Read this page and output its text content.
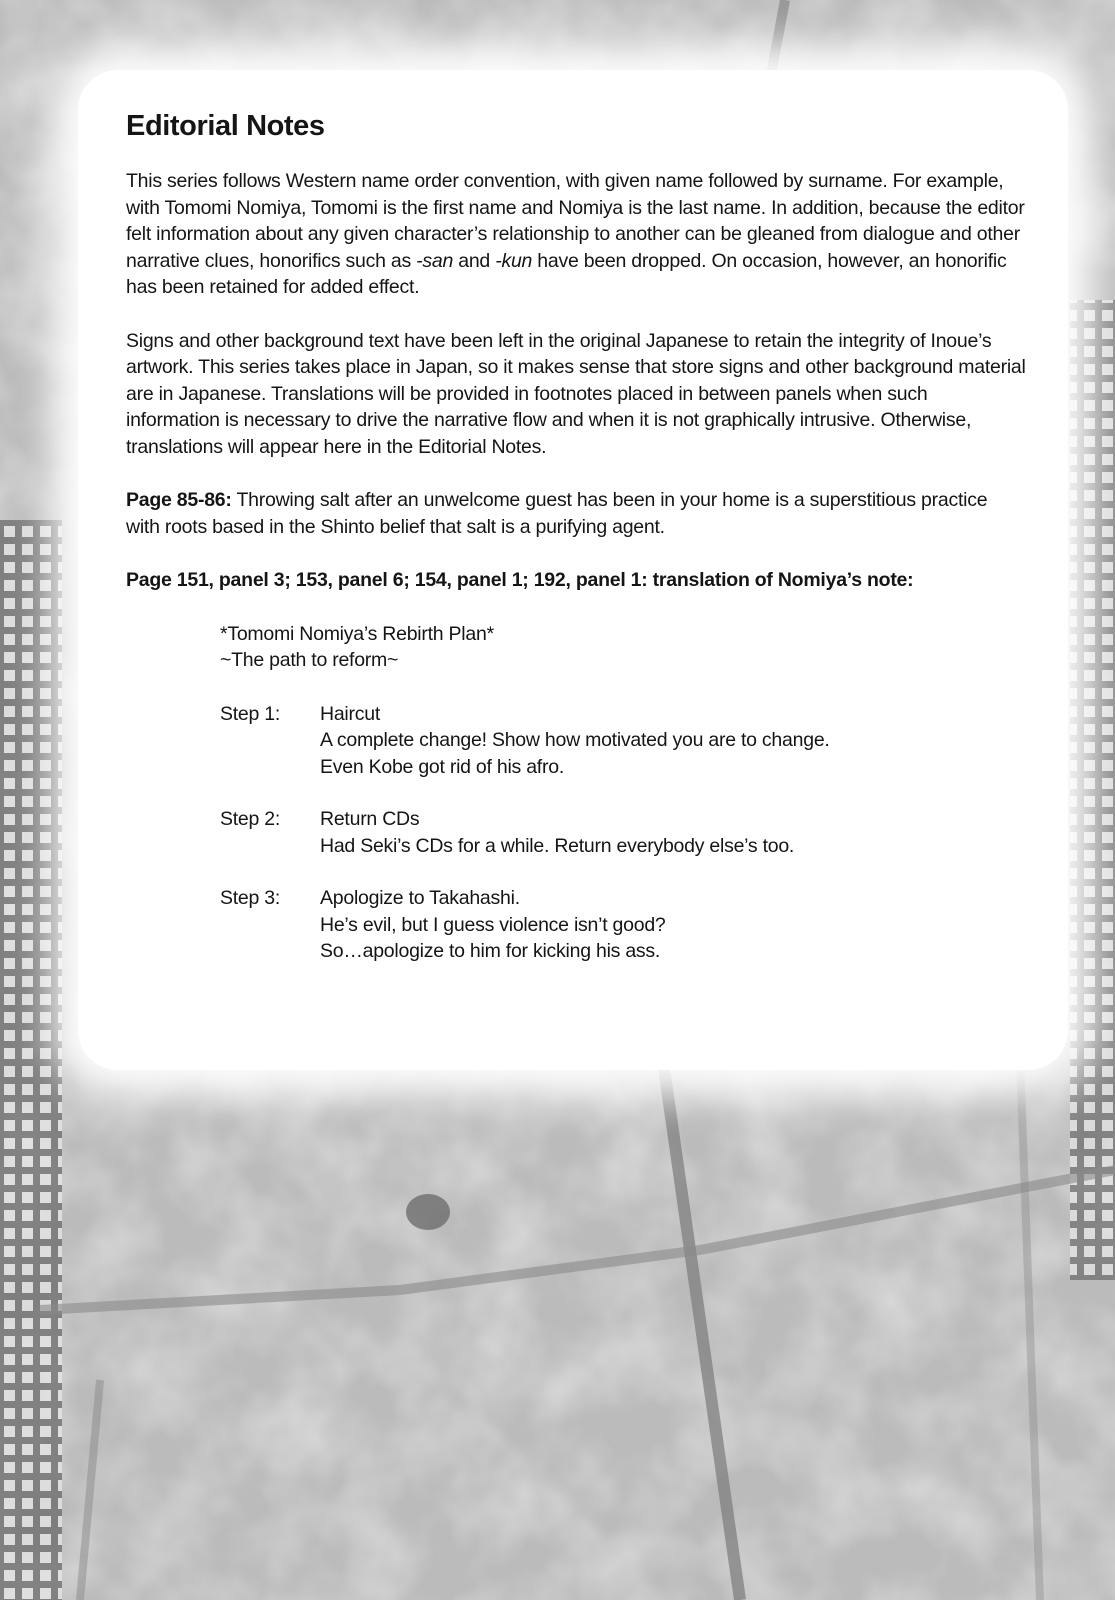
Editorial Notes

This series follows Western name order convention, with given name followed by surname. For example, with Tomomi Nomiya, Tomomi is the first name and Nomiya is the last name. In addition, because the editor felt information about any given character’s relationship to another can be gleaned from dialogue and other narrative clues, honorifics such as -san and -kun have been dropped. On occasion, however, an honorific has been retained for added effect.

Signs and other background text have been left in the original Japanese to retain the integrity of Inoue’s artwork. This series takes place in Japan, so it makes sense that store signs and other background material are in Japanese. Translations will be provided in footnotes placed in between panels when such information is necessary to drive the narrative flow and when it is not graphically intrusive. Otherwise, translations will appear here in the Editorial Notes.

Page 85-86: Throwing salt after an unwelcome guest has been in your home is a superstitious practice with roots based in the Shinto belief that salt is a purifying agent.

Page 151, panel 3; 153, panel 6; 154, panel 1; 192, panel 1: translation of Nomiya’s note:

*Tomomi Nomiya’s Rebirth Plan*
~The path to reform~
Step 1:	Haircut
A complete change! Show how motivated you are to change.
Even Kobe got rid of his afro.
Step 2:	Return CDs
Had Seki’s CDs for a while. Return everybody else’s too.
Step 3:	Apologize to Takahashi.
He’s evil, but I guess violence isn’t good?
So…apologize to him for kicking his ass.
